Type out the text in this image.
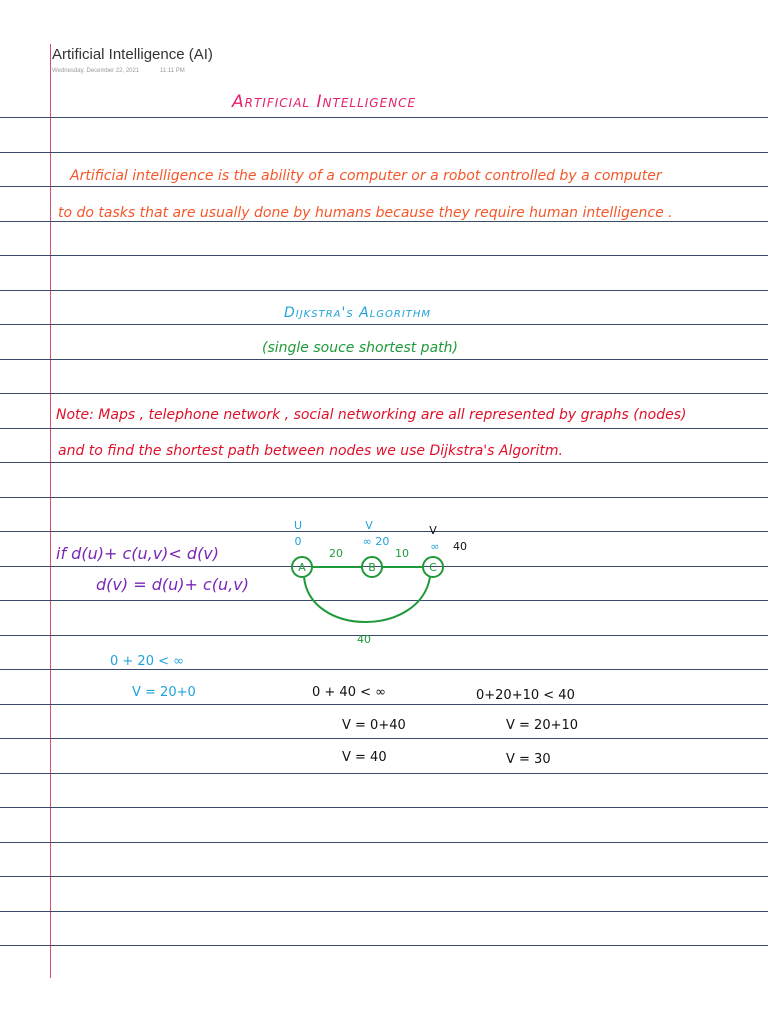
Artificial Intelligence (AI)
Wednesday, December 22, 2021	11:11 PM
Artificial Intelligence
Artificial intelligence is the ability of a computer or a robot controlled by a computer
to do tasks that are usually done by humans because they require human intelligence .
Dijkstra's Algorithm
(single souce shortest path)
Note: Maps , telephone network , social networking are all represented by graphs (nodes)
and to find the shortest path between nodes we use Dijkstra's Algoritm.
if d(u)+ c(u,v)< d(v)
d(v) = d(u)+ c(u,v)
A	B	C
20	10
40
U
0
V
∞ 20
V
∞ 40
0 + 20 < ∞
V = 20+0	0 + 40 < ∞
V = 0+40
V = 40
0+20+10 < 40
V = 20+10
V = 30
